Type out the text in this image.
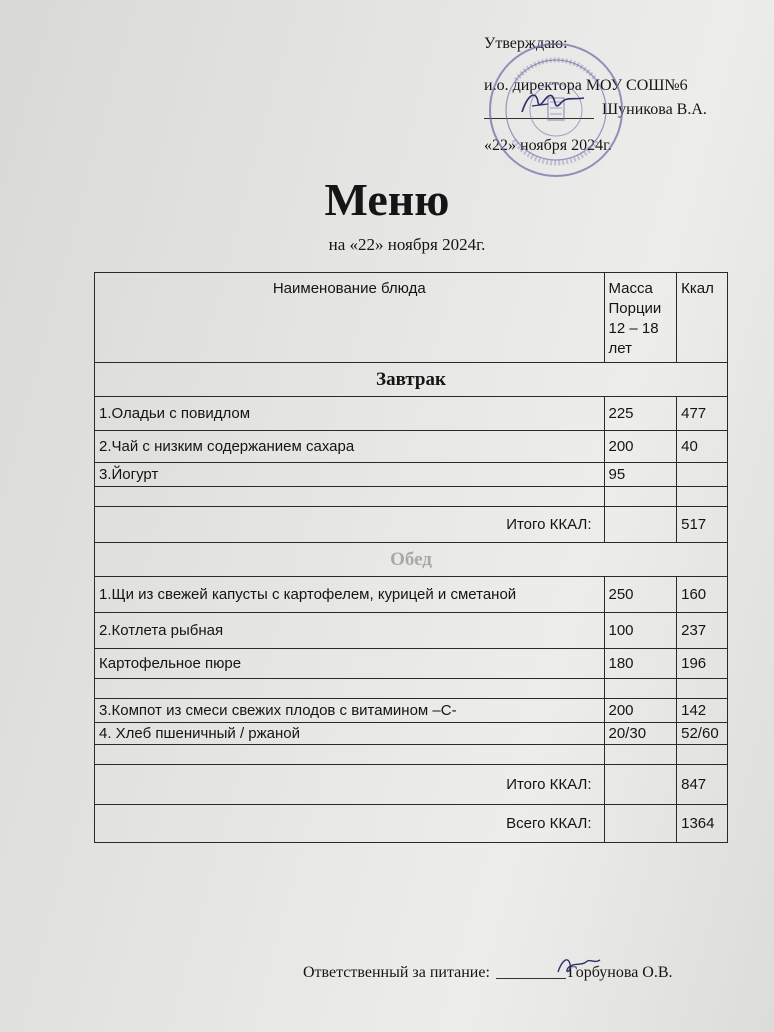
Утверждаю:
и.о. директора МОУ СОШ№6
Шуникова В.А.
«22» ноября 2024г.
Меню
на «22» ноября 2024г.
Наименование блюда	Масса Порции 12 – 18 лет	Ккал
Завтрак		
1.Оладьи с повидлом	225	477
2.Чай с низким содержанием сахара	200	40
3.Йогурт	95	

Итого ККАЛ:		517
Обед		
1.Щи из свежей капусты с картофелем, курицей и сметаной	250	160
2.Котлета рыбная	100	237
Картофельное пюре	180	196

3.Компот из смеси свежих плодов с витамином –С-	200	142
4. Хлеб пшеничный / ржаной	20/30	52/60

Итого ККАЛ:		847
Всего ККАЛ:		1364
Ответственный за питание:	Горбунова О.В.
